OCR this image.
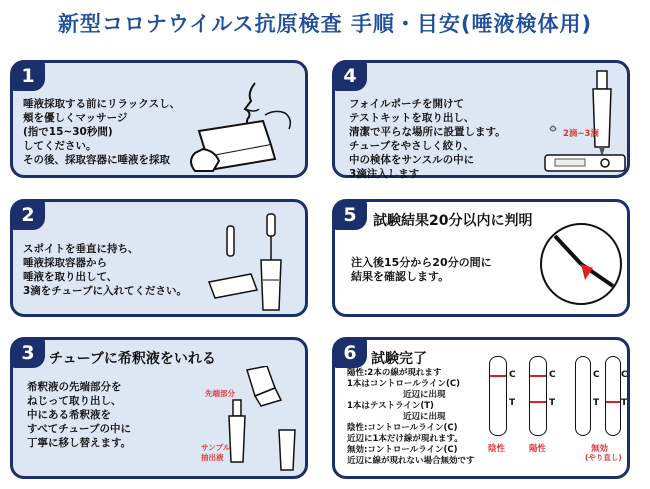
新型コロナウイルス抗原検査 手順・目安(唾液検体用)
1
唾液採取する前にリラックスし、
頬を優しくマッサージ
(指で15~30秒間)
してください。
その後、採取容器に唾液を採取
4
フォイルポーチを開けて
テストキットを取り出し、
清潔で平らな場所に設置します。
チューブをやさしく絞り、
中の検体をサンスルの中に
3滴注入します
2滴~3滴
2
スポイトを垂直に持ち、
唾液採取容器から
唾液を取り出して、
3滴をチューブに入れてください。
5	試験結果20分以内に判明
注入後15分から20分の間に
結果を確認します。
3	チューブに希釈液をいれる
希釈液の先端部分を
ねじって取り出し、
中にある希釈液を
すべてチューブの中に
丁寧に移し替えます。
先端部分
サンプル
抽出液
6	試験完了
陽性:2本の線が現れます
1本はコントロールライン(C)
近辺に出現
1本はテストライン(T)
近辺に出現
陰性:コントロールライン(C)
近辺に1本だけ線が現れます。
無効:コントロールライン(C)
近辺に線が現れない場合無効です
C
T
陰性
C
T
陽性
C
T
C
T
無効
(やり直し)
